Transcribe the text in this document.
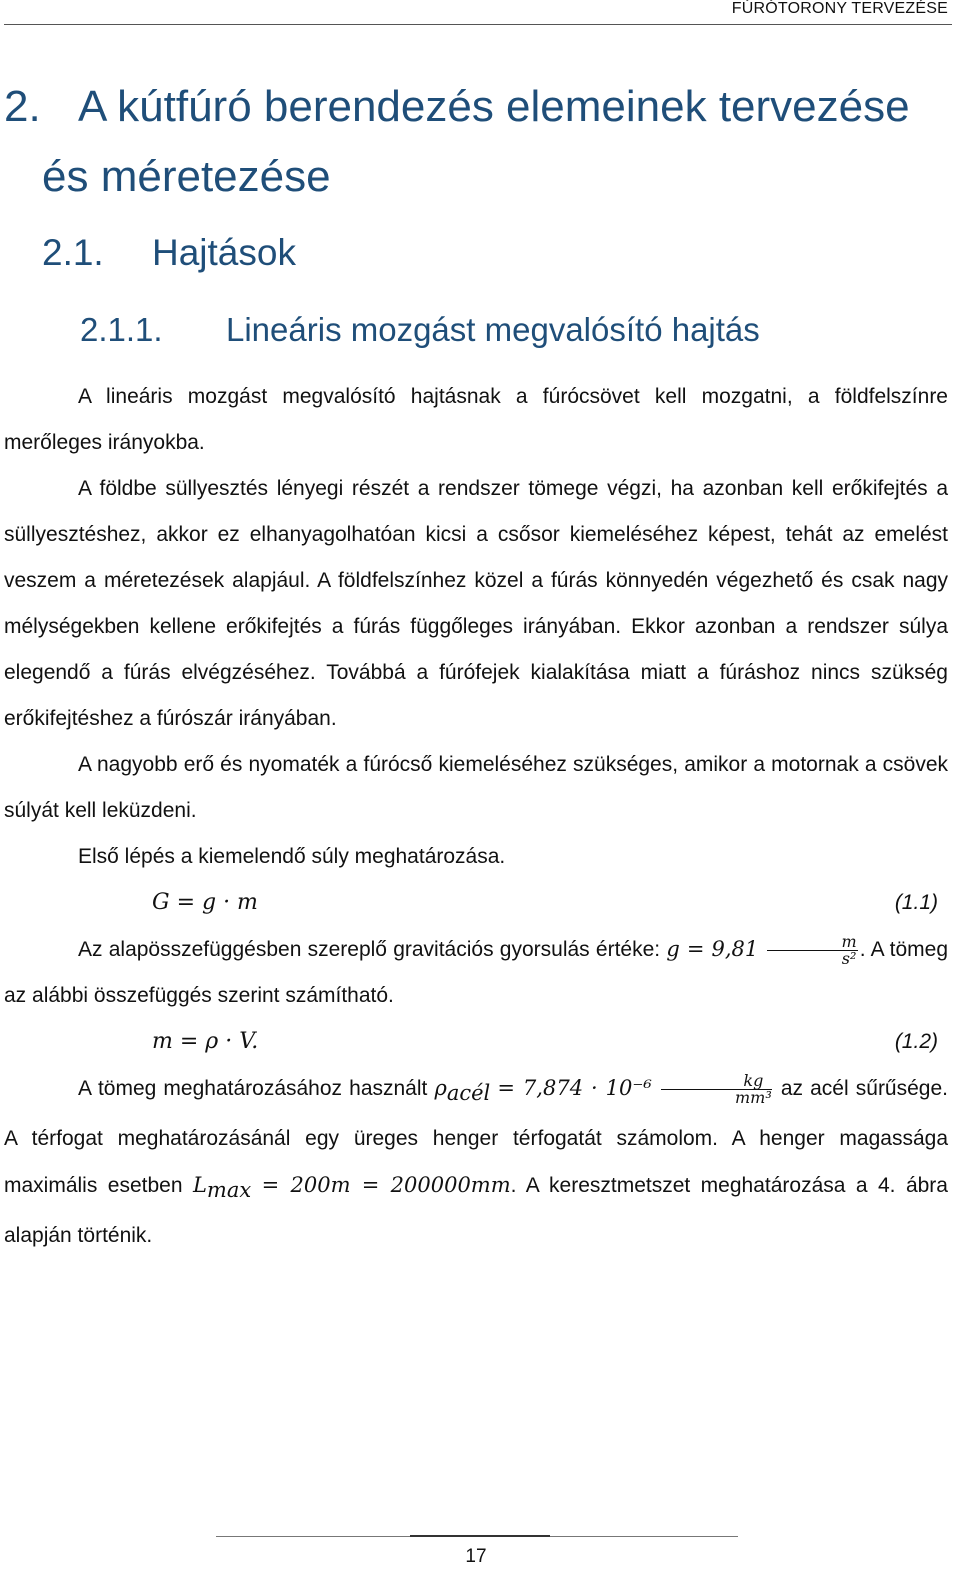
FÚRÓTORONY TERVEZÉSE
2. A kútfúró berendezés elemeinek tervezése
és méretezése
2.1. Hajtások
2.1.1. Lineáris mozgást megvalósító hajtás

A lineáris mozgást megvalósító hajtásnak a fúrócsövet kell mozgatni, a földfelszínre merőleges irányokba.

A földbe süllyesztés lényegi részét a rendszer tömege végzi, ha azonban kell erőkifejtés a süllyesztéshez, akkor ez elhanyagolhatóan kicsi a csősor kiemeléséhez képest, tehát az emelést veszem a méretezések alapjául. A földfelszínhez közel a fúrás könnyedén végezhető és csak nagy mélységekben kellene erőkifejtés a fúrás függőleges irányában. Ekkor azonban a rendszer súlya elegendő a fúrás elvégzéséhez. Továbbá a fúrófejek kialakítása miatt a fúráshoz nincs szükség erőkifejtéshez a fúrószár irányában.

A nagyobb erő és nyomaték a fúrócső kiemeléséhez szükséges, amikor a motornak a csövek súlyát kell leküzdeni.

Első lépés a kiemelendő súly meghatározása.

G = g · m	(1.1)

Az alapösszefüggésben szereplő gravitációs gyorsulás értéke: $g = 9,81 \frac{m}{\text{s²}}$ . A tömeg az alábbi összefüggés szerint számítható.

m = ρ · V.	(1.2)

A tömeg meghatározásához használt $\rho_{acél} = 7,874 \cdot 10^{-6} \frac{kg}{\text{mm³}}$ az acél sűrűsége. A térfogat meghatározásánál egy üreges henger térfogatát számolom. A henger magassága maximális esetben $L_{max} = 200m = 200000mm$. A keresztmetszet meghatározása a 4. ábra alapján történik.

17
